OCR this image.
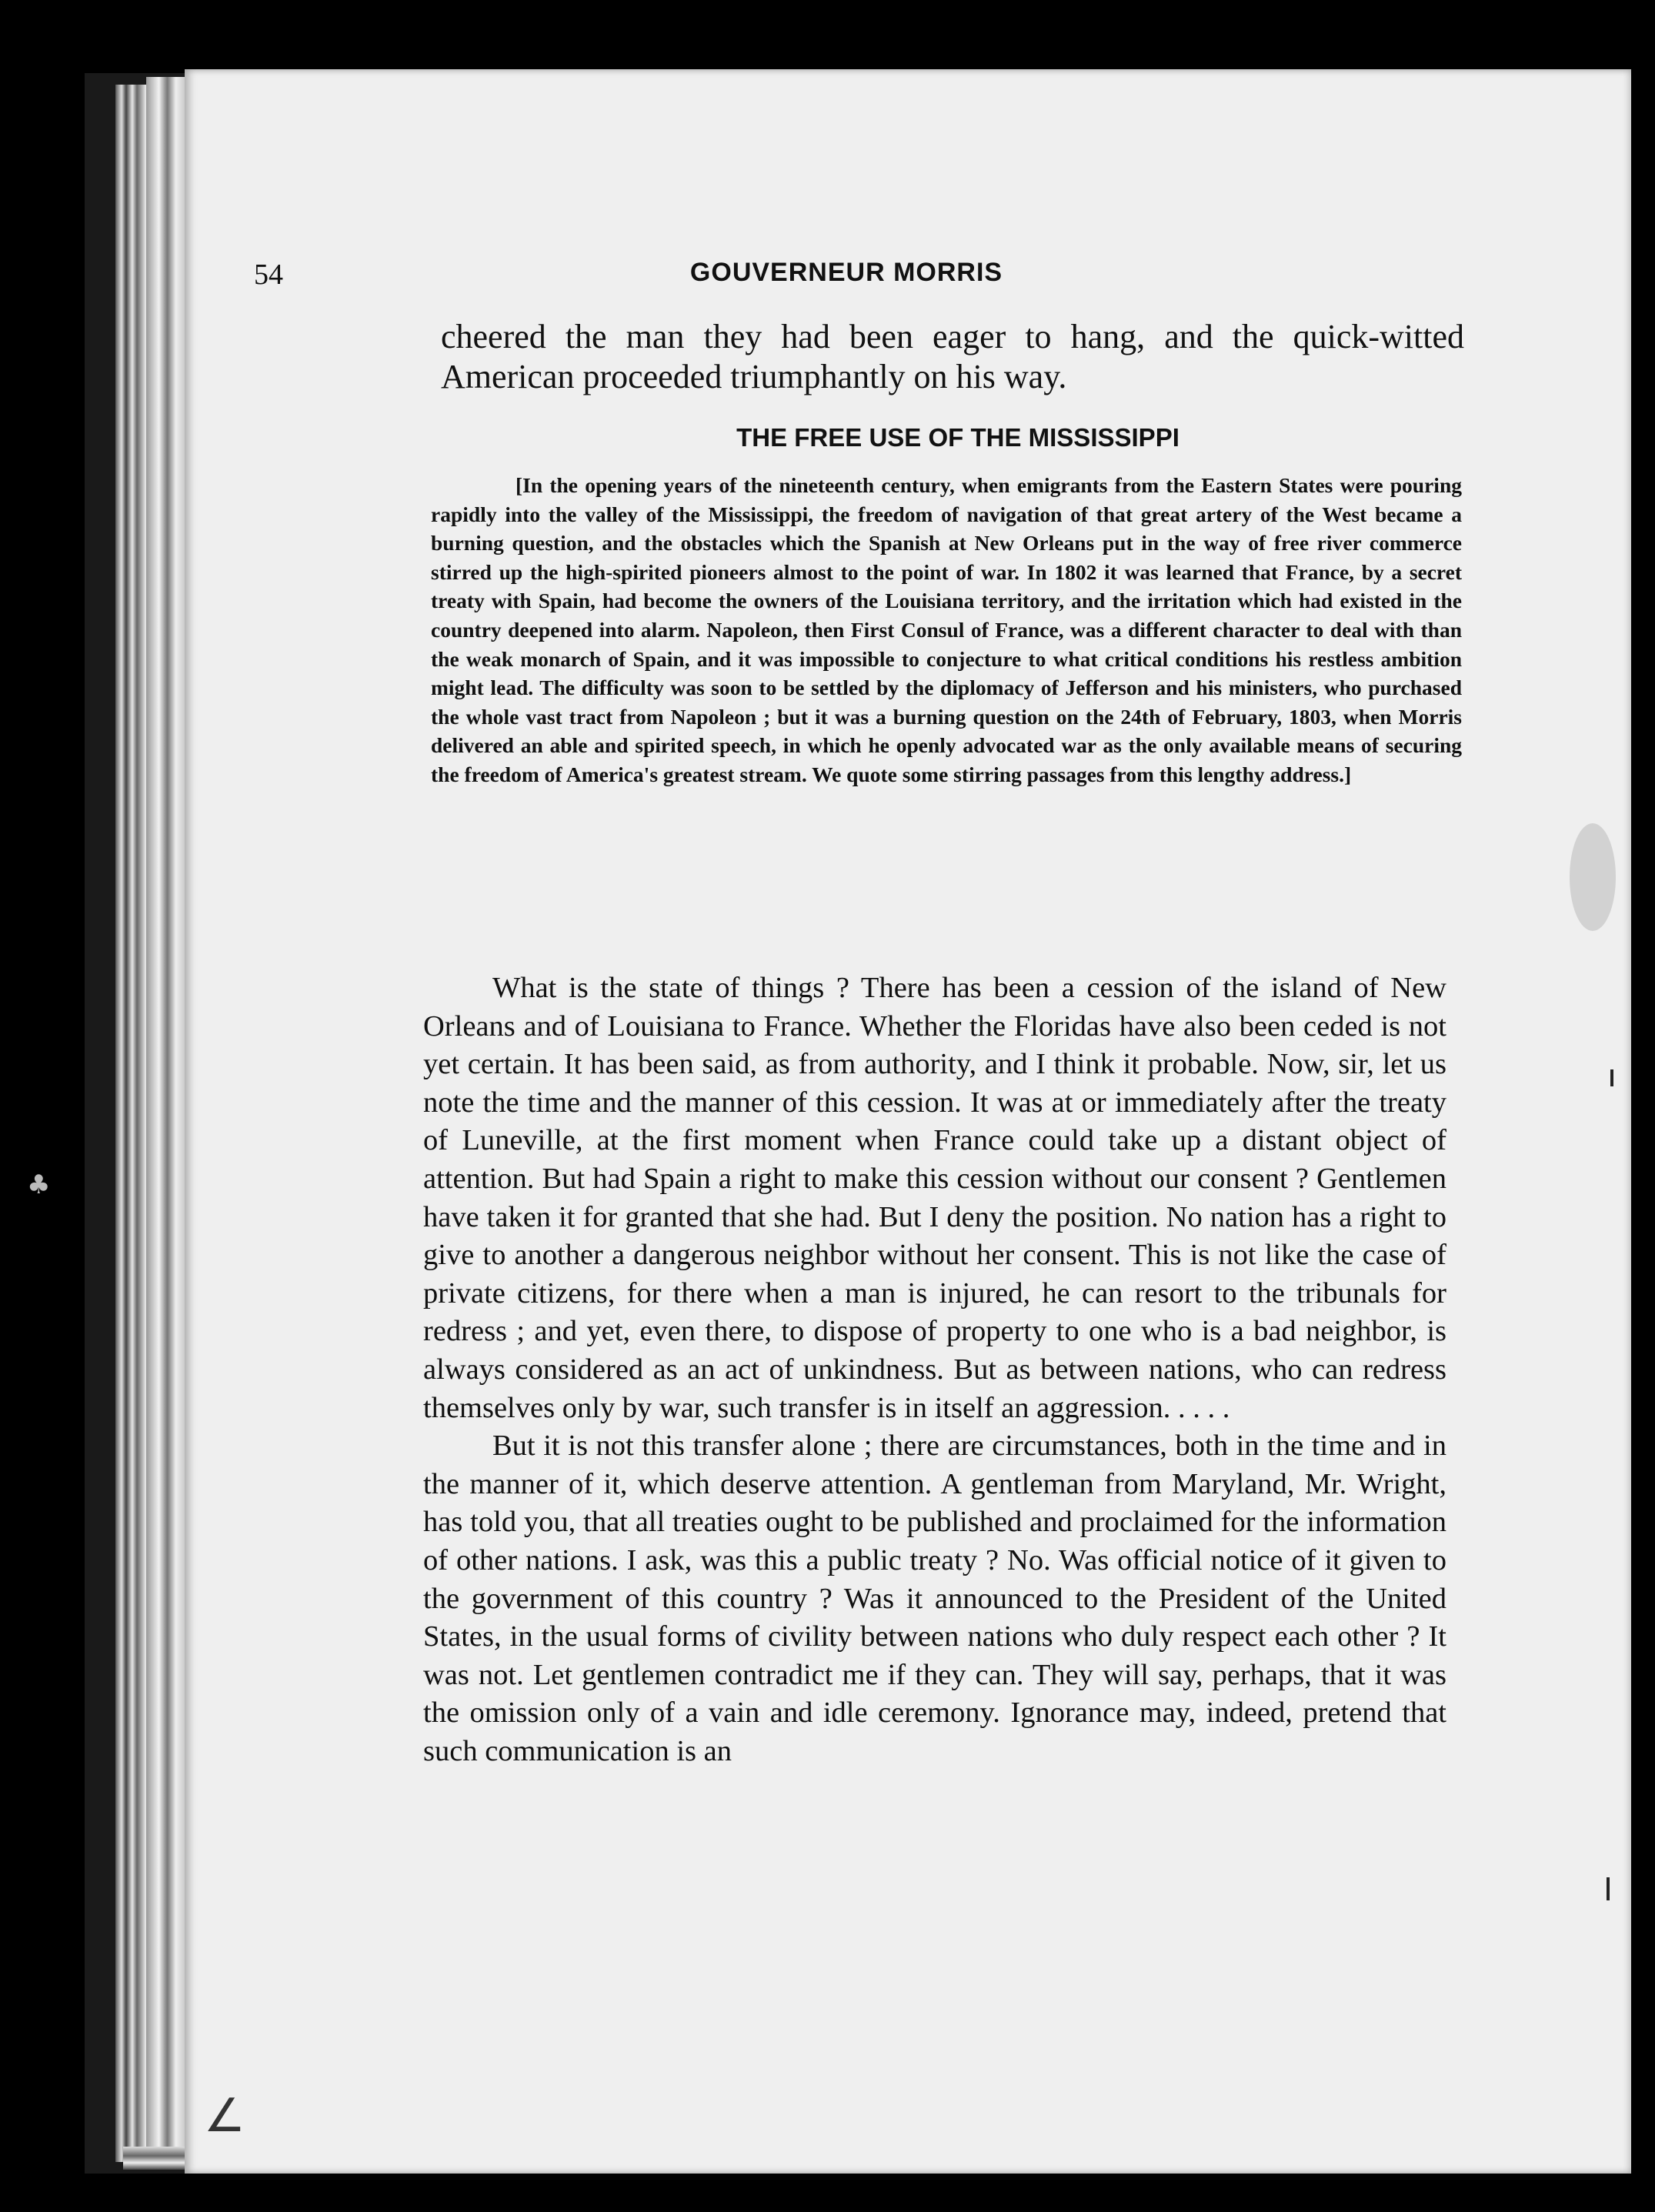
54	GOUVERNEUR MORRIS
cheered the man they had been eager to hang, and the quick-witted American proceeded triumphantly on his way.
THE FREE USE OF THE MISSISSIPPI

[In the opening years of the nineteenth century, when emigrants from the Eastern States were pouring rapidly into the valley of the Mississippi, the freedom of navigation of that great artery of the West became a burning question, and the obstacles which the Spanish at New Orleans put in the way of free river commerce stirred up the high-spirited pioneers almost to the point of war. In 1802 it was learned that France, by a secret treaty with Spain, had become the owners of the Louisiana territory, and the irritation which had existed in the country deepened into alarm. Napoleon, then First Consul of France, was a different character to deal with than the weak monarch of Spain, and it was impossible to conjecture to what critical conditions his restless ambition might lead. The difficulty was soon to be settled by the diplomacy of Jefferson and his ministers, who purchased the whole vast tract from Napoleon ; but it was a burning question on the 24th of February, 1803, when Morris delivered an able and spirited speech, in which he openly advocated war as the only available means of securing the freedom of America's greatest stream. We quote some stirring passages from this lengthy address.]

What is the state of things ? There has been a cession of the island of New Orleans and of Louisiana to France. Whether the Floridas have also been ceded is not yet certain. It has been said, as from authority, and I think it probable. Now, sir, let us note the time and the manner of this cession. It was at or immediately after the treaty of Luneville, at the first moment when France could take up a distant object of attention. But had Spain a right to make this cession without our consent ? Gentlemen have taken it for granted that she had. But I deny the position. No nation has a right to give to another a dangerous neighbor without her consent. This is not like the case of private citizens, for there when a man is injured, he can resort to the tribunals for redress ; and yet, even there, to dispose of property to one who is a bad neighbor, is always considered as an act of unkindness. But as between nations, who can redress themselves only by war, such transfer is in itself an aggression. . . . .

But it is not this transfer alone ; there are circumstances, both in the time and in the manner of it, which deserve attention. A gentleman from Maryland, Mr. Wright, has told you, that all treaties ought to be published and proclaimed for the information of other nations. I ask, was this a public treaty ? No. Was official notice of it given to the government of this country ? Was it announced to the President of the United States, in the usual forms of civility between nations who duly respect each other ? It was not. Let gentlemen contradict me if they can. They will say, perhaps, that it was the omission only of a vain and idle ceremony. Ignorance may, indeed, pretend that such communication is an

∠
♣
